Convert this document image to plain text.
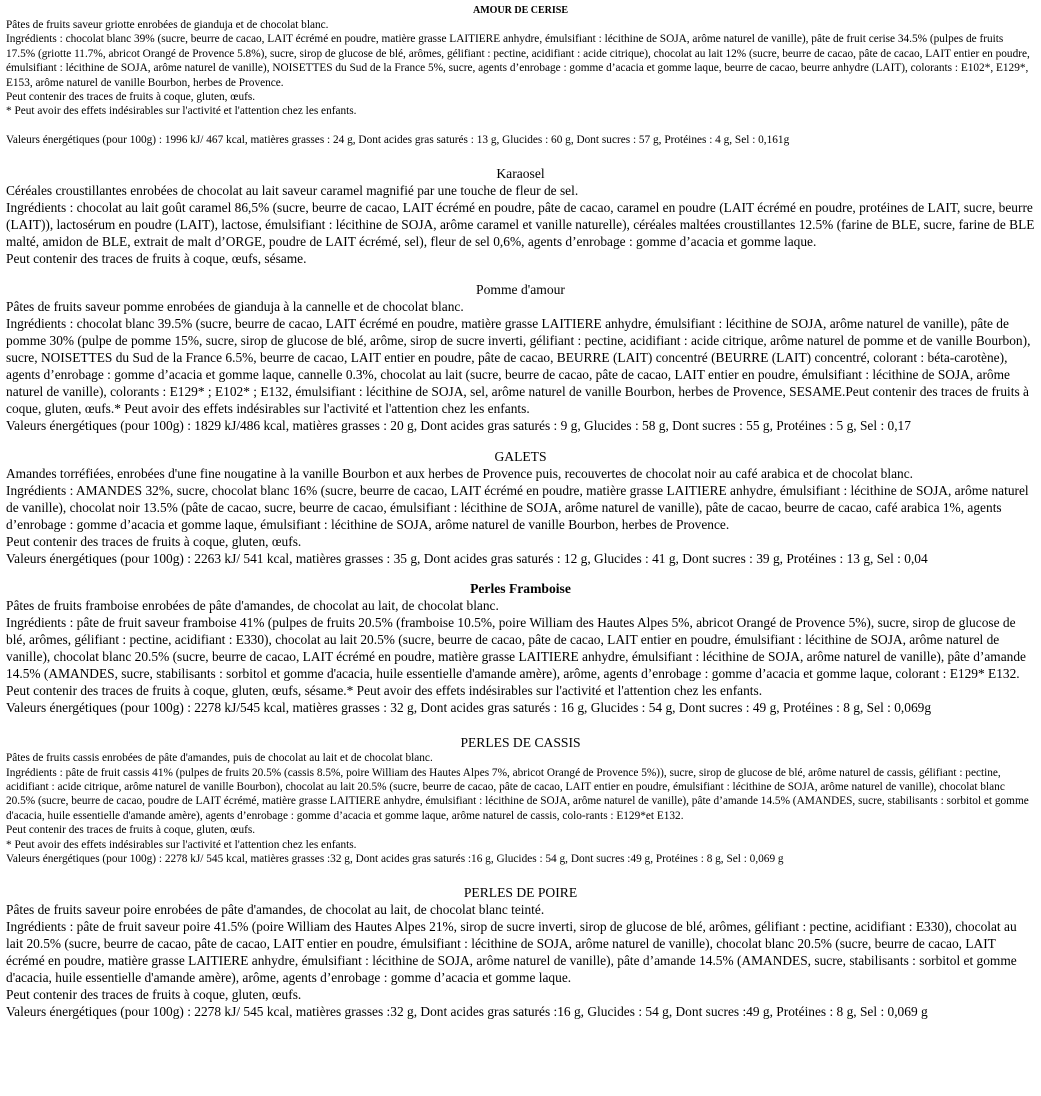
AMOUR DE CERISE

Pâtes de fruits saveur griotte enrobées de gianduja et de chocolat blanc.

Ingrédients : chocolat blanc 39% (sucre, beurre de cacao, LAIT écrémé en poudre, matière grasse LAITIERE anhydre, émulsifiant : lécithine de SOJA, arôme naturel de vanille), pâte de fruit cerise 34.5% (pulpes de fruits 17.5% (griotte 11.7%, abricot Orangé de Provence 5.8%), sucre, sirop de glucose de blé, arômes, gélifiant : pectine, acidifiant : acide citrique), chocolat au lait 12% (sucre, beurre de cacao, pâte de cacao, LAIT entier en poudre, émulsifiant : lécithine de SOJA, arôme naturel de vanille), NOISETTES du Sud de la France 5%, sucre, agents d’enrobage : gomme d’acacia et gomme laque, beurre de cacao, beurre anhydre (LAIT), colorants : E102*, E129*, E153, arôme naturel de vanille Bourbon, herbes de Provence.

Peut contenir des traces de fruits à coque, gluten, œufs.

* Peut avoir des effets indésirables sur l'activité et l'attention chez les enfants.

Valeurs énergétiques (pour 100g) : 1996 kJ/ 467 kcal, matières grasses : 24 g, Dont acides gras saturés : 13 g, Glucides : 60 g, Dont sucres : 57 g, Protéines : 4 g, Sel : 0,161g

Karaosel

Céréales croustillantes enrobées de chocolat au lait saveur caramel magnifié par une touche de fleur de sel.

Ingrédients : chocolat au lait goût caramel 86,5% (sucre, beurre de cacao, LAIT écrémé en poudre, pâte de cacao, caramel en poudre (LAIT écrémé en poudre, protéines de LAIT, sucre, beurre (LAIT)), lactosérum en poudre (LAIT), lactose, émulsifiant : lécithine de SOJA, arôme caramel et vanille naturelle), céréales maltées croustillantes 12.5% (farine de BLE, sucre, farine de BLE malté, amidon de BLE, extrait de malt d’ORGE, poudre de LAIT écrémé, sel), fleur de sel 0,6%, agents d’enrobage : gomme d’acacia et gomme laque.

Peut contenir des traces de fruits à coque, œufs, sésame.

Pomme d'amour

Pâtes de fruits saveur pomme enrobées de gianduja à la cannelle et de chocolat blanc.

Ingrédients : chocolat blanc 39.5% (sucre, beurre de cacao, LAIT écrémé en poudre, matière grasse LAITIERE anhydre, émulsifiant : lécithine de SOJA, arôme naturel de vanille), pâte de pomme 30% (pulpe de pomme 15%, sucre, sirop de glucose de blé, arôme, sirop de sucre inverti, gélifiant : pectine, acidifiant : acide citrique, arôme naturel de pomme et de vanille Bourbon), sucre, NOISETTES du Sud de la France 6.5%, beurre de cacao, LAIT entier en poudre, pâte de cacao, BEURRE (LAIT) concentré (BEURRE (LAIT) concentré, colorant : béta-carotène), agents d’enrobage : gomme d’acacia et gomme laque, cannelle 0.3%, chocolat au lait (sucre, beurre de cacao, pâte de cacao, LAIT entier en poudre, émulsifiant : lécithine de SOJA, arôme naturel de vanille), colorants : E129* ; E102* ; E132, émulsifiant : lécithine de SOJA, sel, arôme naturel de vanille Bourbon, herbes de Provence, SESAME.Peut contenir des traces de fruits à coque, gluten, œufs.* Peut avoir des effets indésirables sur l'activité et l'attention chez les enfants.

Valeurs énergétiques (pour 100g) : 1829 kJ/486 kcal, matières grasses : 20 g, Dont acides gras saturés : 9 g, Glucides : 58 g, Dont sucres : 55 g, Protéines : 5 g, Sel : 0,17

GALETS

Amandes torréfiées, enrobées d'une fine nougatine à la vanille Bourbon et aux herbes de Provence puis, recouvertes de chocolat noir au café arabica et de chocolat blanc.

Ingrédients : AMANDES 32%, sucre, chocolat blanc 16% (sucre, beurre de cacao, LAIT écrémé en poudre, matière grasse LAITIERE anhydre, émulsifiant : lécithine de SOJA, arôme naturel de vanille), chocolat noir 13.5% (pâte de cacao, sucre, beurre de cacao, émulsifiant : lécithine de SOJA, arôme naturel de vanille), pâte de cacao, beurre de cacao, café arabica 1%, agents d’enrobage : gomme d’acacia et gomme laque, émulsifiant : lécithine de SOJA, arôme naturel de vanille Bourbon, herbes de Provence.

Peut contenir des traces de fruits à coque, gluten, œufs.

Valeurs énergétiques (pour 100g) : 2263 kJ/ 541 kcal, matières grasses : 35 g, Dont acides gras saturés : 12 g, Glucides : 41 g, Dont sucres : 39 g, Protéines : 13 g, Sel : 0,04

Perles Framboise

Pâtes de fruits framboise enrobées de pâte d'amandes, de chocolat au lait, de chocolat blanc.

Ingrédients : pâte de fruit saveur framboise 41% (pulpes de fruits 20.5% (framboise 10.5%, poire William des Hautes Alpes 5%, abricot Orangé de Provence 5%), sucre, sirop de glucose de blé, arômes, gélifiant : pectine, acidifiant : E330), chocolat au lait 20.5% (sucre, beurre de cacao, pâte de cacao, LAIT entier en poudre, émulsifiant : lécithine de SOJA, arôme naturel de vanille), chocolat blanc 20.5% (sucre, beurre de cacao, LAIT écrémé en poudre, matière grasse LAITIERE anhydre, émulsifiant : lécithine de SOJA, arôme naturel de vanille), pâte d’amande 14.5% (AMANDES, sucre, stabilisants : sorbitol et gomme d'acacia, huile essentielle d'amande amère), arôme, agents d’enrobage : gomme d’acacia et gomme laque, colorant : E129* E132.

Peut contenir des traces de fruits à coque, gluten, œufs, sésame.* Peut avoir des effets indésirables sur l'activité et l'attention chez les enfants.

Valeurs énergétiques (pour 100g) : 2278 kJ/545 kcal, matières grasses : 32 g, Dont acides gras saturés : 16 g, Glucides : 54 g, Dont sucres : 49 g, Protéines : 8 g, Sel : 0,069g

PERLES DE CASSIS

Pâtes de fruits cassis enrobées de pâte d'amandes, puis de chocolat au lait et de chocolat blanc.

Ingrédients : pâte de fruit cassis 41% (pulpes de fruits 20.5% (cassis 8.5%, poire William des Hautes Alpes 7%, abricot Orangé de Provence 5%)), sucre, sirop de glucose de blé, arôme naturel de cassis, gélifiant : pectine, acidifiant : acide citrique, arôme naturel de vanille Bourbon), chocolat au lait 20.5% (sucre, beurre de cacao, pâte de cacao, LAIT entier en poudre, émulsifiant : lécithine de SOJA, arôme naturel de vanille), chocolat blanc 20.5% (sucre, beurre de cacao, poudre de LAIT écrémé, matière grasse LAITIERE anhydre, émulsifiant : lécithine de SOJA, arôme naturel de vanille), pâte d’amande 14.5% (AMANDES, sucre, stabilisants : sorbitol et gomme d'acacia, huile essentielle d'amande amère), agents d’enrobage : gomme d’acacia et gomme laque, arôme naturel de cassis, colo-rants : E129*et E132.

Peut contenir des traces de fruits à coque, gluten, œufs.

* Peut avoir des effets indésirables sur l'activité et l'attention chez les enfants.

Valeurs énergétiques (pour 100g) : 2278 kJ/ 545 kcal, matières grasses :32 g, Dont acides gras saturés :16 g, Glucides : 54 g, Dont sucres :49 g, Protéines : 8 g, Sel : 0,069 g

PERLES DE POIRE

Pâtes de fruits saveur poire enrobées de pâte d'amandes, de chocolat au lait, de chocolat blanc teinté.

Ingrédients : pâte de fruit saveur poire 41.5% (poire William des Hautes Alpes 21%, sirop de sucre inverti, sirop de glucose de blé, arômes, gélifiant : pectine, acidifiant : E330), chocolat au lait 20.5% (sucre, beurre de cacao, pâte de cacao, LAIT entier en poudre, émulsifiant : lécithine de SOJA, arôme naturel de vanille), chocolat blanc 20.5% (sucre, beurre de cacao, LAIT écrémé en poudre, matière grasse LAITIERE anhydre, émulsifiant : lécithine de SOJA, arôme naturel de vanille), pâte d’amande 14.5% (AMANDES, sucre, stabilisants : sorbitol et gomme d'acacia, huile essentielle d'amande amère), arôme, agents d’enrobage : gomme d’acacia et gomme laque.

Peut contenir des traces de fruits à coque, gluten, œufs.

Valeurs énergétiques (pour 100g) : 2278 kJ/ 545 kcal, matières grasses :32 g, Dont acides gras saturés :16 g, Glucides : 54 g, Dont sucres :49 g, Protéines : 8 g, Sel : 0,069 g
